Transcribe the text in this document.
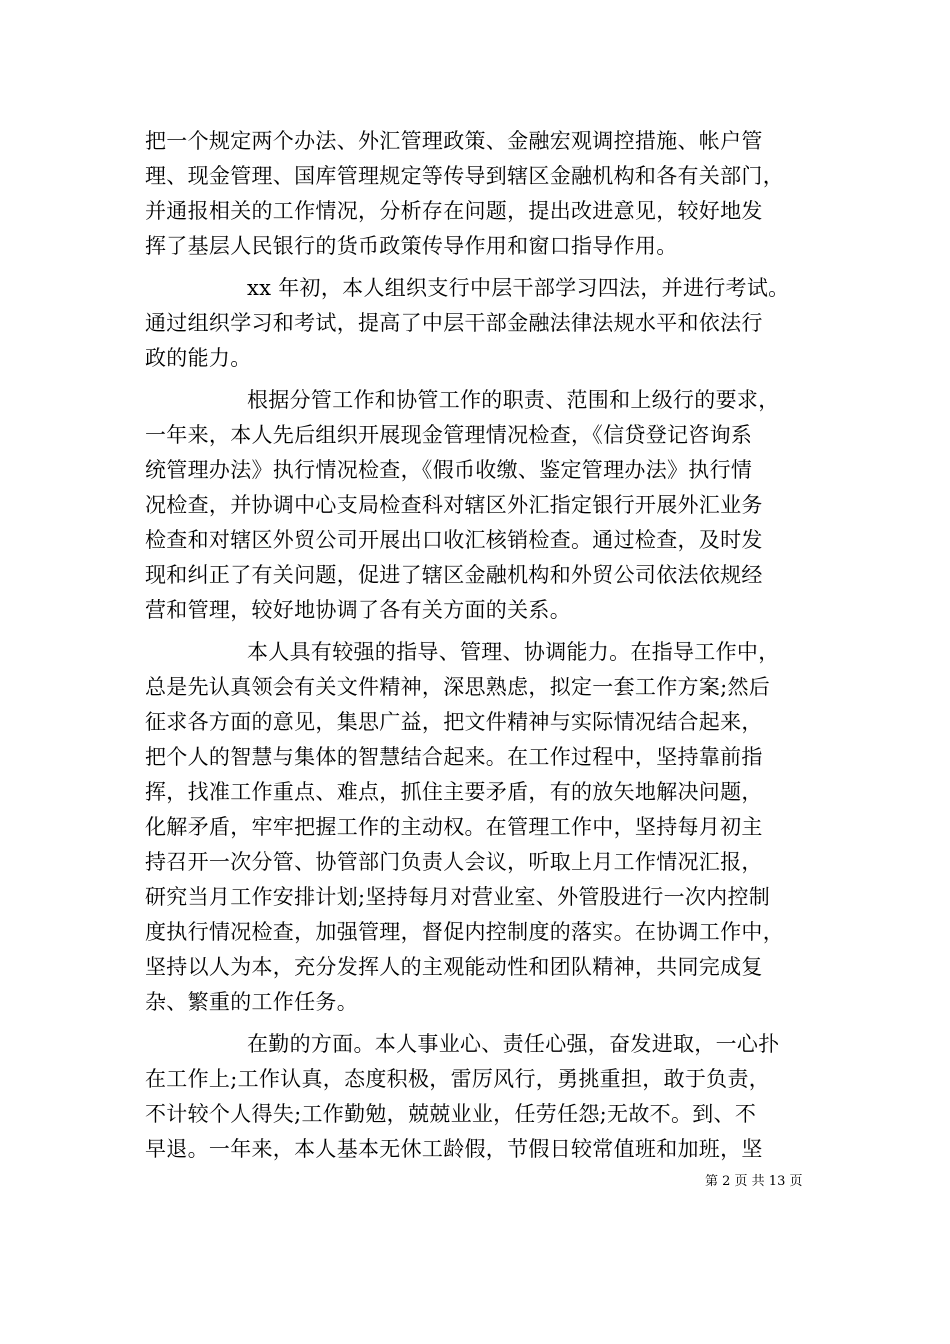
把一个规定两个办法、外汇管理政策、金融宏观调控措施、帐户管
理、现金管理、国库管理规定等传导到辖区金融机构和各有关部门，
并通报相关的工作情况，分析存在问题，提出改进意见，较好地发
挥了基层人民银行的货币政策传导作用和窗口指导作用。
xx 年初，本人组织支行中层干部学习四法，并进行考试。
通过组织学习和考试，提高了中层干部金融法律法规水平和依法行
政的能力。
根据分管工作和协管工作的职责、范围和上级行的要求，
一年来，本人先后组织开展现金管理情况检查，《信贷登记咨询系
统管理办法》执行情况检查，《假币收缴、鉴定管理办法》执行情
况检查，并协调中心支局检查科对辖区外汇指定银行开展外汇业务
检查和对辖区外贸公司开展出口收汇核销检查。通过检查，及时发
现和纠正了有关问题，促进了辖区金融机构和外贸公司依法依规经
营和管理，较好地协调了各有关方面的关系。
本人具有较强的指导、管理、协调能力。在指导工作中，
总是先认真领会有关文件精神，深思熟虑，拟定一套工作方案;然后
征求各方面的意见，集思广益，把文件精神与实际情况结合起来，
把个人的智慧与集体的智慧结合起来。在工作过程中，坚持靠前指
挥，找准工作重点、难点，抓住主要矛盾，有的放矢地解决问题，
化解矛盾，牢牢把握工作的主动权。在管理工作中，坚持每月初主
持召开一次分管、协管部门负责人会议，听取上月工作情况汇报，
研究当月工作安排计划;坚持每月对营业室、外管股进行一次内控制
度执行情况检查，加强管理，督促内控制度的落实。在协调工作中，
坚持以人为本，充分发挥人的主观能动性和团队精神，共同完成复
杂、繁重的工作任务。
在勤的方面。本人事业心、责任心强，奋发进取，一心扑
在工作上;工作认真，态度积极，雷厉风行，勇挑重担，敢于负责，
不计较个人得失;工作勤勉，兢兢业业，任劳任怨;无故不。到、不
早退。一年来，本人基本无休工龄假，节假日较常值班和加班，坚
第 2 页 共 13 页
